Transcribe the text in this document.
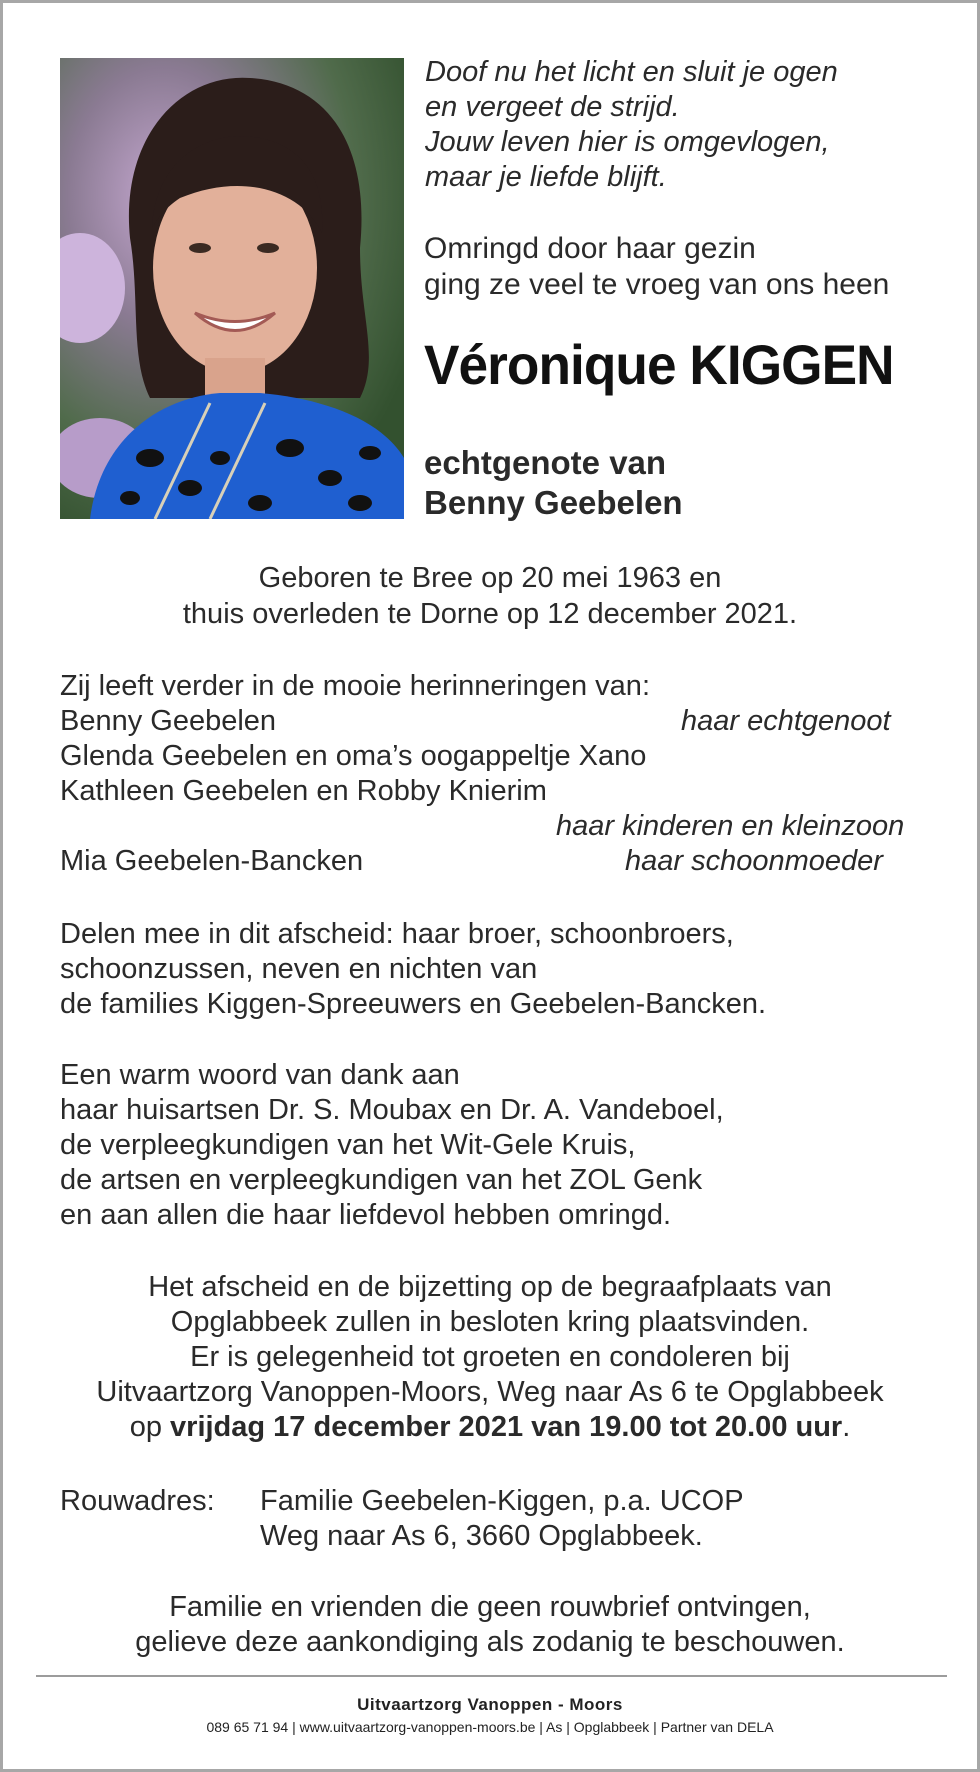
Doof nu het licht en sluit je ogen
en vergeet de strijd.
Jouw leven hier is omgevlogen,
maar je liefde blijft.
Omringd door haar gezin
ging ze veel te vroeg van ons heen
Véronique KIGGEN
echtgenote van
Benny Geebelen
Geboren te Bree op 20 mei 1963 en
thuis overleden te Dorne op 12 december 2021.
Zij leeft verder in de mooie herinneringen van:
Benny Geebelen	haar echtgenoot
Glenda Geebelen en oma’s oogappeltje Xano
Kathleen Geebelen en Robby Knierim
haar kinderen en kleinzoon
Mia Geebelen-Bancken	haar schoonmoeder
Delen mee in dit afscheid: haar broer, schoonbroers,
schoonzussen, neven en nichten van
de families Kiggen-Spreeuwers en Geebelen-Bancken.
Een warm woord van dank aan
haar huisartsen Dr. S. Moubax en Dr. A. Vandeboel,
de verpleegkundigen van het Wit-Gele Kruis,
de artsen en verpleegkundigen van het ZOL Genk
en aan allen die haar liefdevol hebben omringd.
Het afscheid en de bijzetting op de begraafplaats van
Opglabbeek zullen in besloten kring plaatsvinden.
Er is gelegenheid tot groeten en condoleren bij
Uitvaartzorg Vanoppen-Moors, Weg naar As 6 te Opglabbeek
op vrijdag 17 december 2021 van 19.00 tot 20.00 uur.
Rouwadres: Familie Geebelen-Kiggen, p.a. UCOP
Weg naar As 6, 3660 Opglabbeek.
Familie en vrienden die geen rouwbrief ontvingen,
gelieve deze aankondiging als zodanig te beschouwen.
Uitvaartzorg Vanoppen - Moors
089 65 71 94 | www.uitvaartzorg-vanoppen-moors.be | As | Opglabbeek | Partner van DELA
